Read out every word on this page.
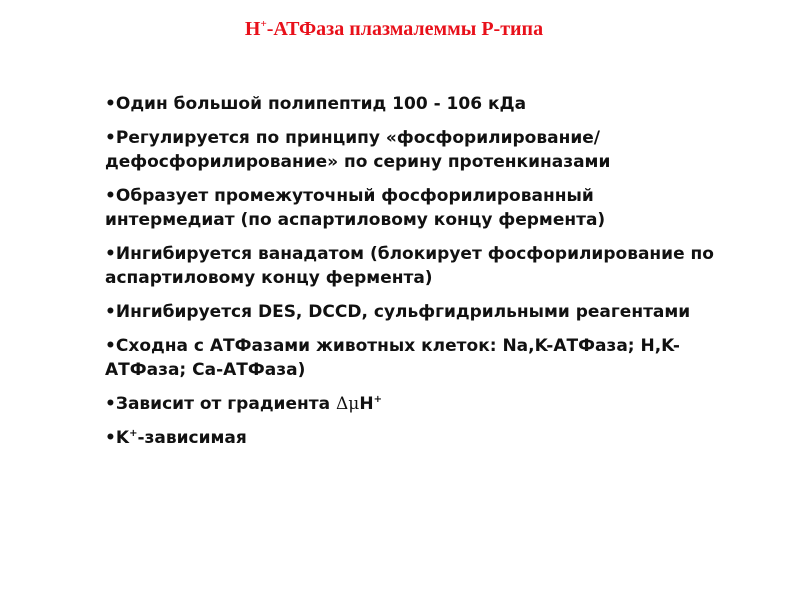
H+-АТФаза плазмалеммы Р-типа
•Один большой полипептид 100 - 106 кДа
•Регулируется по принципу «фосфорилирование/дефосфорилирование» по серину протенкиназами
•Образует промежуточный фосфорилированный интермедиат (по аспартиловому концу фермента)
•Ингибируется ванадатом (блокирует фосфорилирование по аспартиловому концу фермента)
•Ингибируется DES, DCCD, сульфгидрильными реагентами
•Сходна с АТФазами животных клеток: Na,K-АТФаза; H,K-АТФаза; Ca-АТФаза)
•Зависит от градиента ΔμH+
•K+-зависимая
